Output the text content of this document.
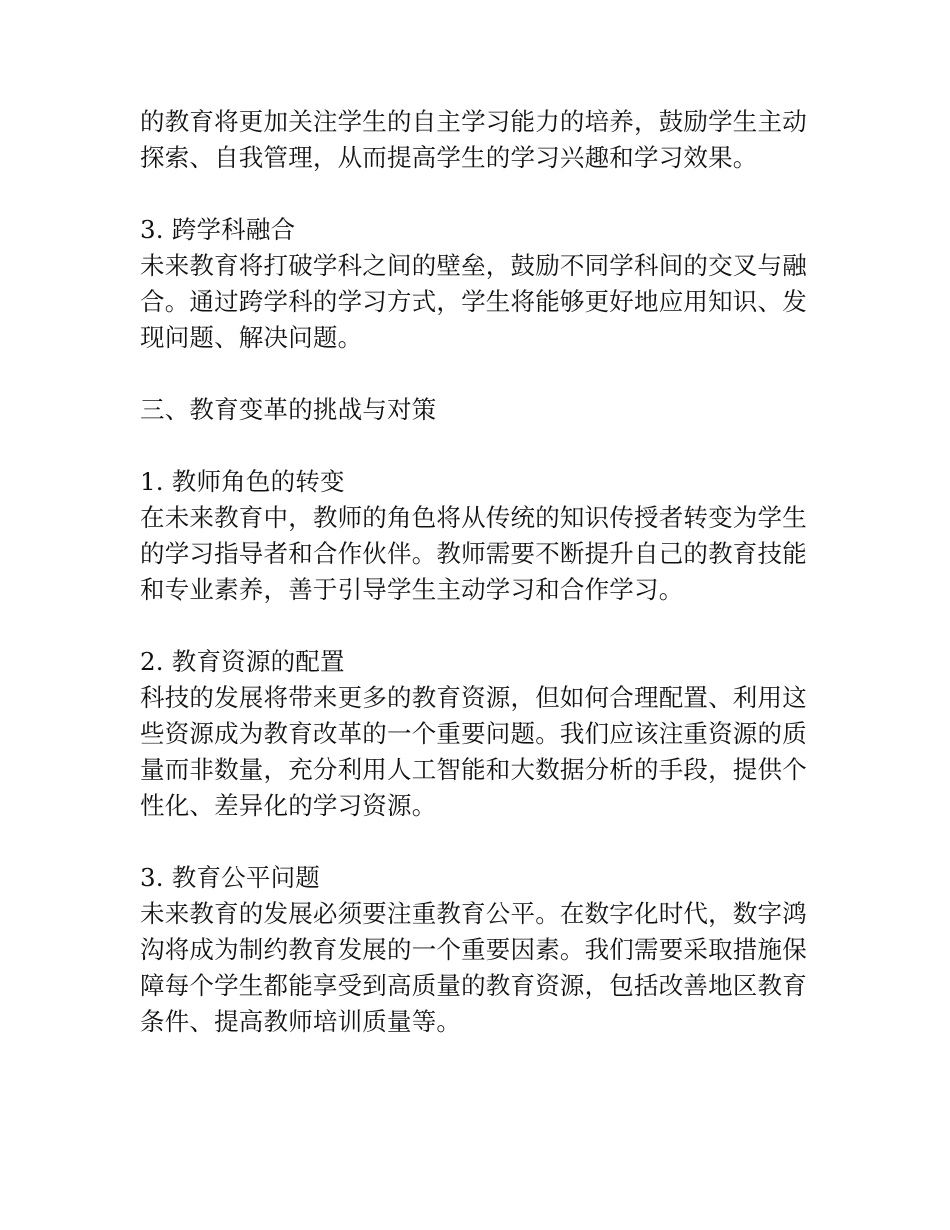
的教育将更加关注学生的自主学习能力的培养，鼓励学生主动探索、自我管理，从而提高学生的学习兴趣和学习效果。

3. 跨学科融合

未来教育将打破学科之间的壁垒，鼓励不同学科间的交叉与融合。通过跨学科的学习方式，学生将能够更好地应用知识、发现问题、解决问题。

三、教育变革的挑战与对策

1. 教师角色的转变

在未来教育中，教师的角色将从传统的知识传授者转变为学生的学习指导者和合作伙伴。教师需要不断提升自己的教育技能和专业素养，善于引导学生主动学习和合作学习。

2. 教育资源的配置

科技的发展将带来更多的教育资源，但如何合理配置、利用这些资源成为教育改革的一个重要问题。我们应该注重资源的质量而非数量，充分利用人工智能和大数据分析的手段，提供个性化、差异化的学习资源。

3. 教育公平问题

未来教育的发展必须要注重教育公平。在数字化时代，数字鸿沟将成为制约教育发展的一个重要因素。我们需要采取措施保障每个学生都能享受到高质量的教育资源，包括改善地区教育条件、提高教师培训质量等。
